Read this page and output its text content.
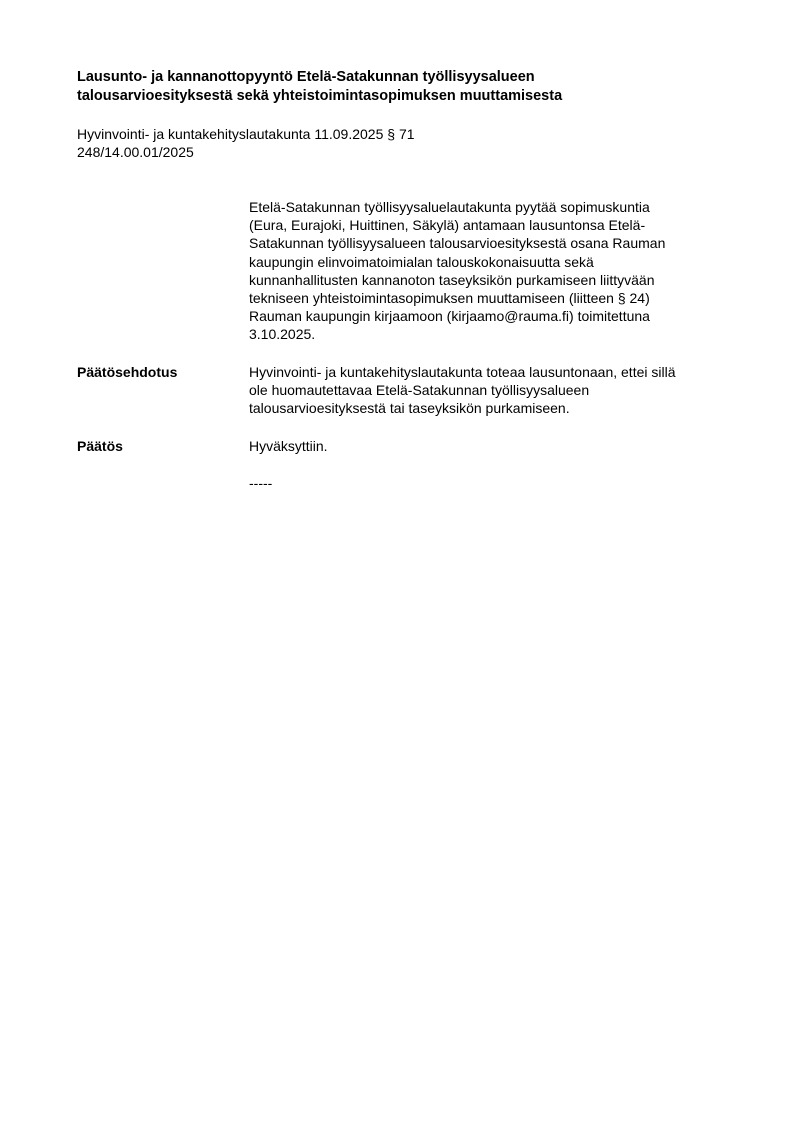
Lausunto- ja kannanottopyyntö Etelä-Satakunnan työllisyysalueen
talousarvioesityksestä sekä yhteistoimintasopimuksen muuttamisesta
Hyvinvointi- ja kuntakehityslautakunta 11.09.2025 § 71
248/14.00.01/2025
Etelä-Satakunnan työllisyysaluelautakunta pyytää sopimuskuntia
(Eura, Eurajoki, Huittinen, Säkylä) antamaan lausuntonsa Etelä-
Satakunnan työllisyysalueen talousarvioesityksestä osana Rauman
kaupungin elinvoimatoimialan talouskokonaisuutta sekä
kunnanhallitusten kannanoton taseyksikön purkamiseen liittyvään
tekniseen yhteistoimintasopimuksen muuttamiseen (liitteen § 24)
Rauman kaupungin kirjaamoon (kirjaamo@rauma.fi) toimitettuna
3.10.2025.
Päätösehdotus	Hyvinvointi- ja kuntakehityslautakunta toteaa lausuntonaan, ettei sillä
ole huomautettavaa Etelä-Satakunnan työllisyysalueen
talousarvioesityksestä tai taseyksikön purkamiseen.
Päätös	Hyväksyttiin.
-----
